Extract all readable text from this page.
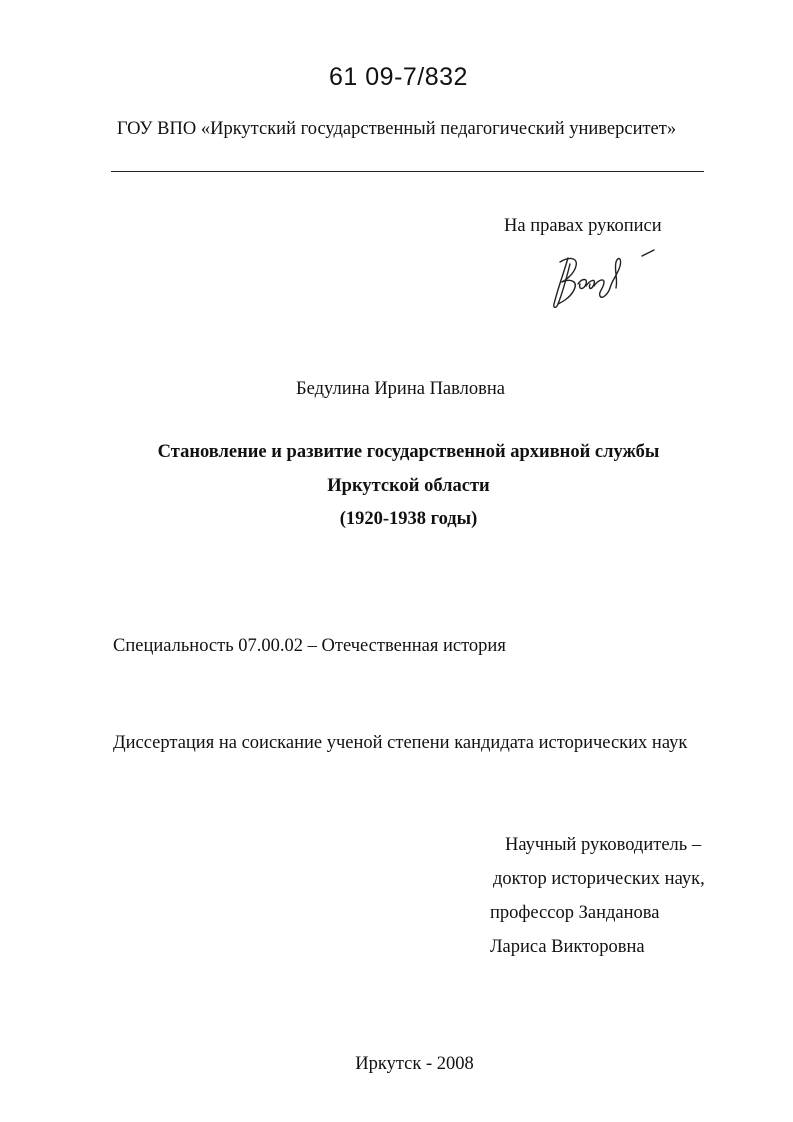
61 09-7/832
ГОУ ВПО «Иркутский государственный педагогический университет»
На правах рукописи
Бедулина Ирина Павловна
Становление и развитие государственной архивной службы
Иркутской области
(1920-1938 годы)
Специальность 07.00.02 – Отечественная история
Диссертация на соискание ученой степени кандидата исторических наук
Научный руководитель –
доктор исторических наук,
профессор Занданова
Лариса Викторовна
Иркутск - 2008
